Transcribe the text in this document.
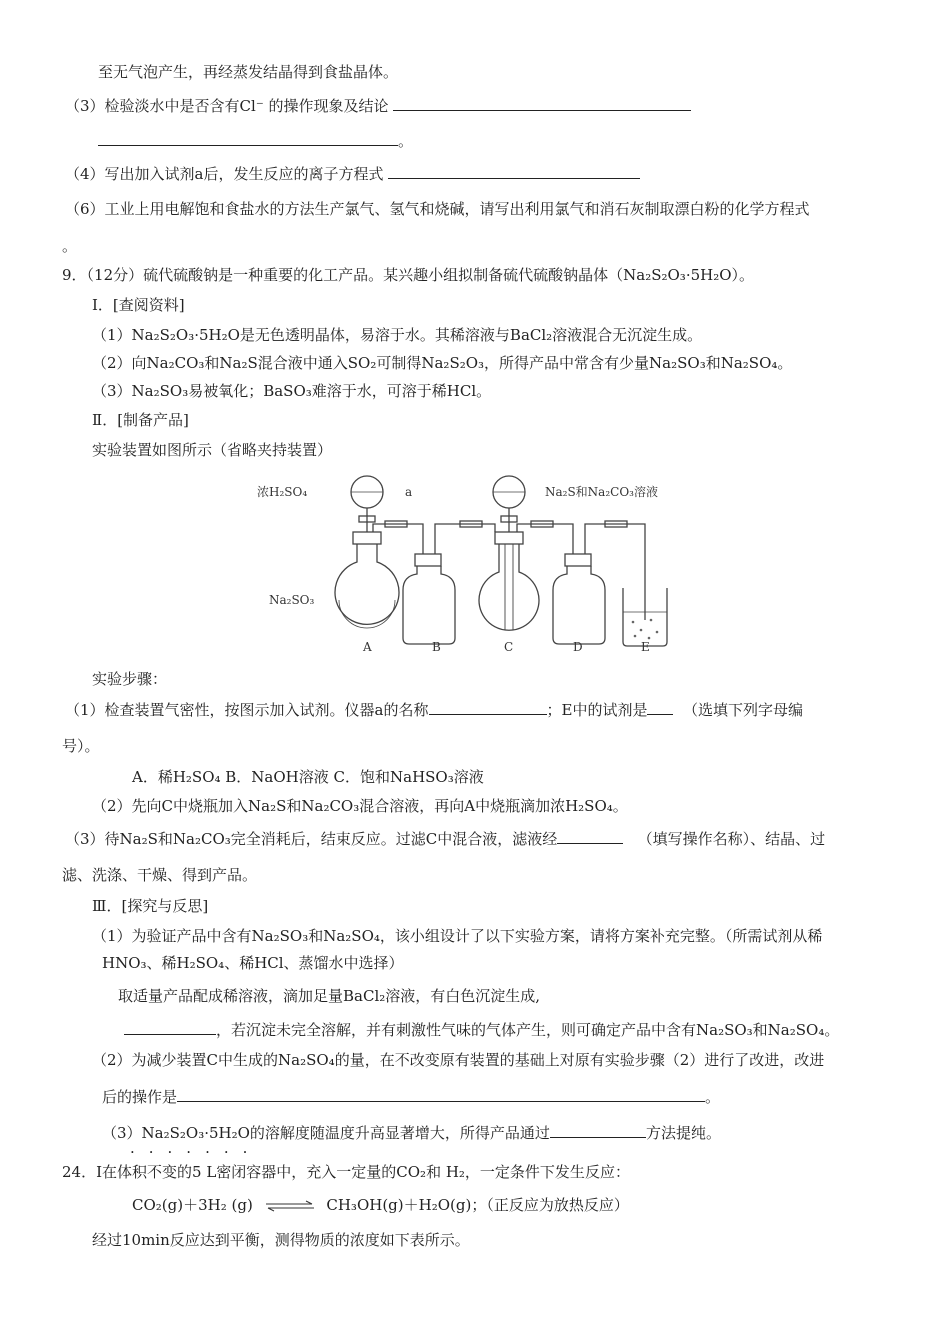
至无气泡产生，再经蒸发结晶得到食盐晶体。
（3）检验淡水中是否含有Cl⁻ 的操作现象及结论
。
（4）写出加入试剂a后，发生反应的离子方程式
（6）工业上用电解饱和食盐水的方法生产氯气、氢气和烧碱，请写出利用氯气和消石灰制取漂白粉的化学方程式
。
9．（12分）硫代硫酸钠是一种重要的化工产品。某兴趣小组拟制备硫代硫酸钠晶体（Na₂S₂O₃·5H₂O）。
I．[查阅资料]
（1）Na₂S₂O₃·5H₂O是无色透明晶体，易溶于水。其稀溶液与BaCl₂溶液混合无沉淀生成。
（2）向Na₂CO₃和Na₂S混合液中通入SO₂可制得Na₂S₂O₃，所得产品中常含有少量Na₂SO₃和Na₂SO₄。
（3）Na₂SO₃易被氧化；BaSO₃难溶于水，可溶于稀HCl。
Ⅱ．[制备产品]
实验装置如图所示（省略夹持装置）
浓H₂SO₄	a	Na₂S和Na₂CO₃溶液
Na₂SO₃
A	B	C	D	E
实验步骤：
（1）检查装置气密性，按图示加入试剂。仪器a的名称	；E中的试剂是 （选填下列字母编
号）。
A．稀H₂SO₄ B．NaOH溶液 C．饱和NaHSO₃溶液
（2）先向C中烧瓶加入Na₂S和Na₂CO₃混合溶液，再向A中烧瓶滴加浓H₂SO₄。
（3）待Na₂S和Na₂CO₃完全消耗后，结束反应。过滤C中混合液，滤液经	（填写操作名称）、结晶、过
滤、洗涤、干燥、得到产品。
Ⅲ．[探究与反思]
（1）为验证产品中含有Na₂SO₃和Na₂SO₄，该小组设计了以下实验方案，请将方案补充完整。（所需试剂从稀
HNO₃、稀H₂SO₄、稀HCl、蒸馏水中选择）
取适量产品配成稀溶液，滴加足量BaCl₂溶液，有白色沉淀生成,
，若沉淀未完全溶解，并有刺激性气味的气体产生，则可确定产品中含有Na₂SO₃和Na₂SO₄。
（2）为减少装置C中生成的Na₂SO₄的量，在不改变原有装置的基础上对原有实验步骤（2）进行了改进，改进
后的操作是	。
（3）Na₂S₂O₃·5H₂O的溶解度随温度升高显著增大，所得产品通过	方法提纯。
·······
24．I在体积不变的5 L密闭容器中，充入一定量的CO₂和 H₂，一定条件下发生反应：
CO₂(g)＋3H₂ (g) ⇌ CH₃OH(g)＋H₂O(g)；（正反应为放热反应）
经过10min反应达到平衡，测得物质的浓度如下表所示。
